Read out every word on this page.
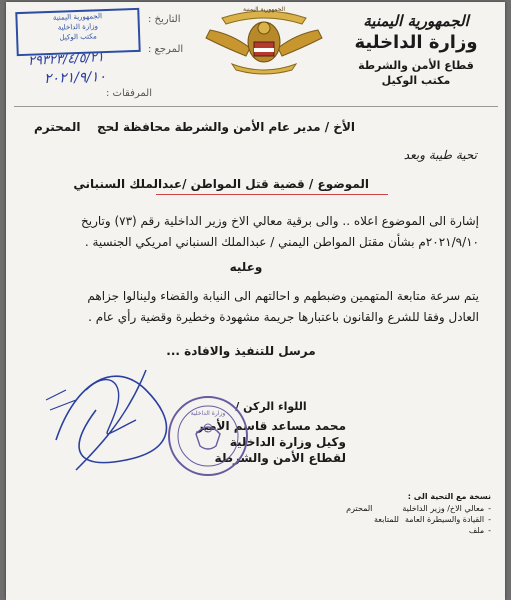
الجمهورية اليمنية
وزارة الداخلية
قطاع الأمن والشرطة
مكتب الوكيل
الجمهورية اليمنية
الجمهورية اليمنية
وزارة الداخلية
مكتب الوكيل
التاريخ :
المرجع :
٢٩٣٢٣/٤/٥/٢١
٢٠٢١/٩/١٠
المرفقات :
الأخ / مدير عام الأمن والشرطة محافظة لحج
المحترم
تحية طيبة وبعد
الموضوع / قضية قتل المواطن /عبدالملك السنباني
إشارة الى الموضوع اعلاه .. والى برقية معالي الاخ وزير الداخلية رقم (٧٣) وتاريخ
٢٠٢١/٩/١٠م بشأن مقتل المواطن اليمني / عبدالملك السنباني امريكي الجنسية .
وعليه
يتم سرعة متابعة المتهمين وضبطهم و احالتهم الى النيابة والقضاء ولينالوا جزاهم
العادل وفقا للشرع والقانون باعتبارها جريمة مشهودة وخطيرة وقضية رأي عام .
مرسل للتنفيذ والافادة ...
اللواء الركن /
محمد مساعد قاسم الأمير
وكيل وزارة الداخلية
لقطاع الأمن والشرطة
وزارة الداخلية
نسخة مع التحية الى :
-معالي الاخ/ وزير الداخليةالمحترم
-القيادة والسيطرة العامةللمتابعة
-ملف
